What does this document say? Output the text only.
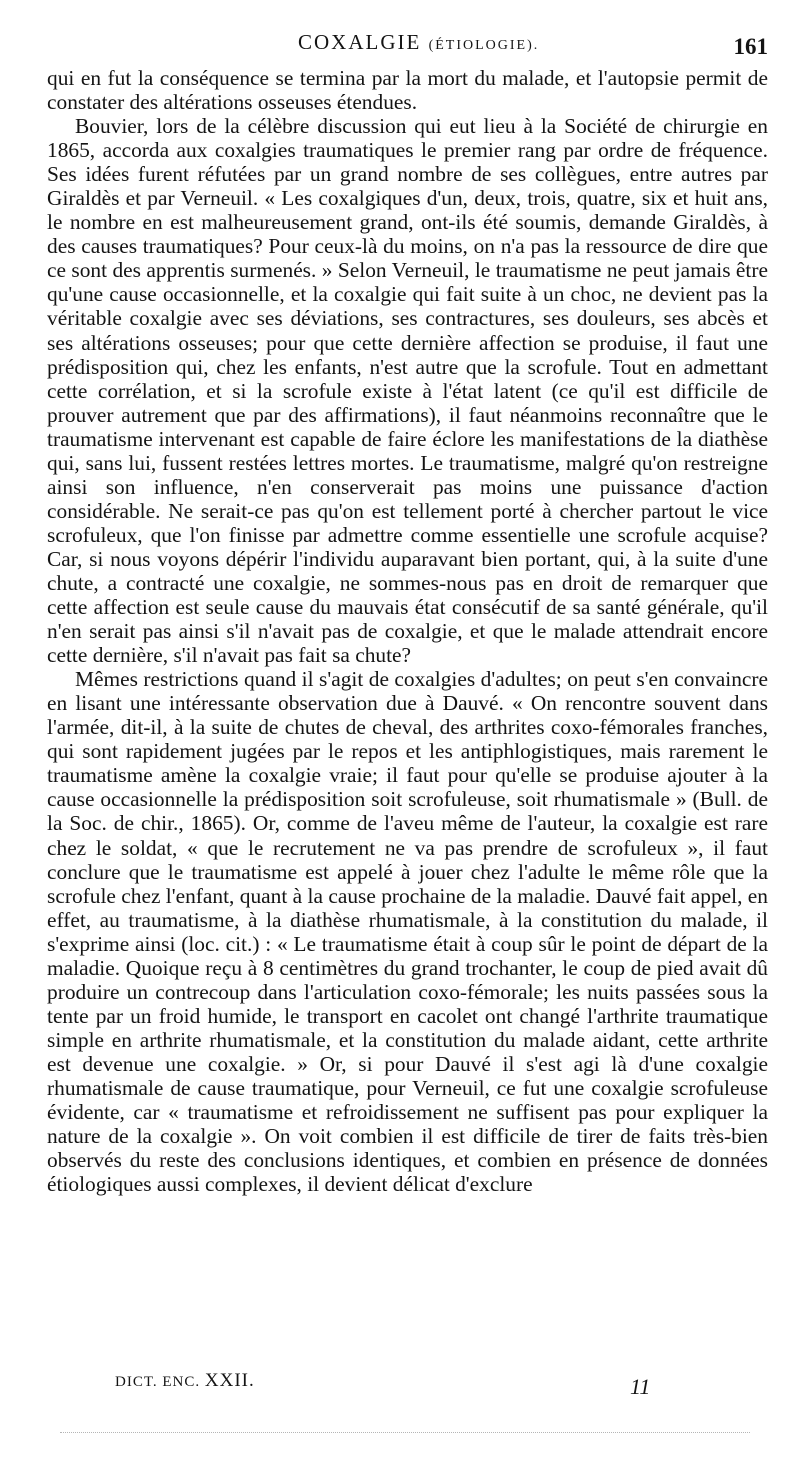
COXALGIE (ÉTIOLOGIE).	161

qui en fut la conséquence se termina par la mort du malade, et l'autopsie permit de constater des altérations osseuses étendues.

Bouvier, lors de la célèbre discussion qui eut lieu à la Société de chirurgie en 1865, accorda aux coxalgies traumatiques le premier rang par ordre de fréquence. Ses idées furent réfutées par un grand nombre de ses collègues, entre autres par Giraldès et par Verneuil. « Les coxalgiques d'un, deux, trois, quatre, six et huit ans, le nombre en est malheureusement grand, ont-ils été soumis, demande Giraldès, à des causes traumatiques? Pour ceux-là du moins, on n'a pas la ressource de dire que ce sont des apprentis surmenés. » Selon Verneuil, le traumatisme ne peut jamais être qu'une cause occasionnelle, et la coxalgie qui fait suite à un choc, ne devient pas la véritable coxalgie avec ses déviations, ses contractures, ses douleurs, ses abcès et ses altérations osseuses; pour que cette dernière affection se produise, il faut une prédisposition qui, chez les enfants, n'est autre que la scrofule. Tout en admettant cette corrélation, et si la scrofule existe à l'état latent (ce qu'il est difficile de prouver autrement que par des affirmations), il faut néanmoins reconnaître que le traumatisme intervenant est capable de faire éclore les manifestations de la diathèse qui, sans lui, fussent restées lettres mortes. Le traumatisme, malgré qu'on restreigne ainsi son influence, n'en conserverait pas moins une puissance d'action considérable. Ne serait-ce pas qu'on est tellement porté à chercher partout le vice scrofuleux, que l'on finisse par admettre comme essentielle une scrofule acquise? Car, si nous voyons dépérir l'individu auparavant bien portant, qui, à la suite d'une chute, a contracté une coxalgie, ne sommes-nous pas en droit de remarquer que cette affection est seule cause du mauvais état consécutif de sa santé générale, qu'il n'en serait pas ainsi s'il n'avait pas de coxalgie, et que le malade attendrait encore cette dernière, s'il n'avait pas fait sa chute?

Mêmes restrictions quand il s'agit de coxalgies d'adultes; on peut s'en convaincre en lisant une intéressante observation due à Dauvé. « On rencontre souvent dans l'armée, dit-il, à la suite de chutes de cheval, des arthrites coxo-fémorales franches, qui sont rapidement jugées par le repos et les antiphlogistiques, mais rarement le traumatisme amène la coxalgie vraie; il faut pour qu'elle se produise ajouter à la cause occasionnelle la prédisposition soit scrofuleuse, soit rhumatismale » (Bull. de la Soc. de chir., 1865). Or, comme de l'aveu même de l'auteur, la coxalgie est rare chez le soldat, « que le recrutement ne va pas prendre de scrofuleux », il faut conclure que le traumatisme est appelé à jouer chez l'adulte le même rôle que la scrofule chez l'enfant, quant à la cause prochaine de la maladie. Dauvé fait appel, en effet, au traumatisme, à la diathèse rhumatismale, à la constitution du malade, il s'exprime ainsi (loc. cit.) : « Le traumatisme était à coup sûr le point de départ de la maladie. Quoique reçu à 8 centimètres du grand trochanter, le coup de pied avait dû produire un contrecoup dans l'articulation coxo-fémorale; les nuits passées sous la tente par un froid humide, le transport en cacolet ont changé l'arthrite traumatique simple en arthrite rhumatismale, et la constitution du malade aidant, cette arthrite est devenue une coxalgie. » Or, si pour Dauvé il s'est agi là d'une coxalgie rhumatismale de cause traumatique, pour Verneuil, ce fut une coxalgie scrofuleuse évidente, car « traumatisme et refroidissement ne suffisent pas pour expliquer la nature de la coxalgie ». On voit combien il est difficile de tirer de faits très-bien observés du reste des conclusions identiques, et combien en présence de données étiologiques aussi complexes, il devient délicat d'exclure

DICT. ENC. XXII.	11
